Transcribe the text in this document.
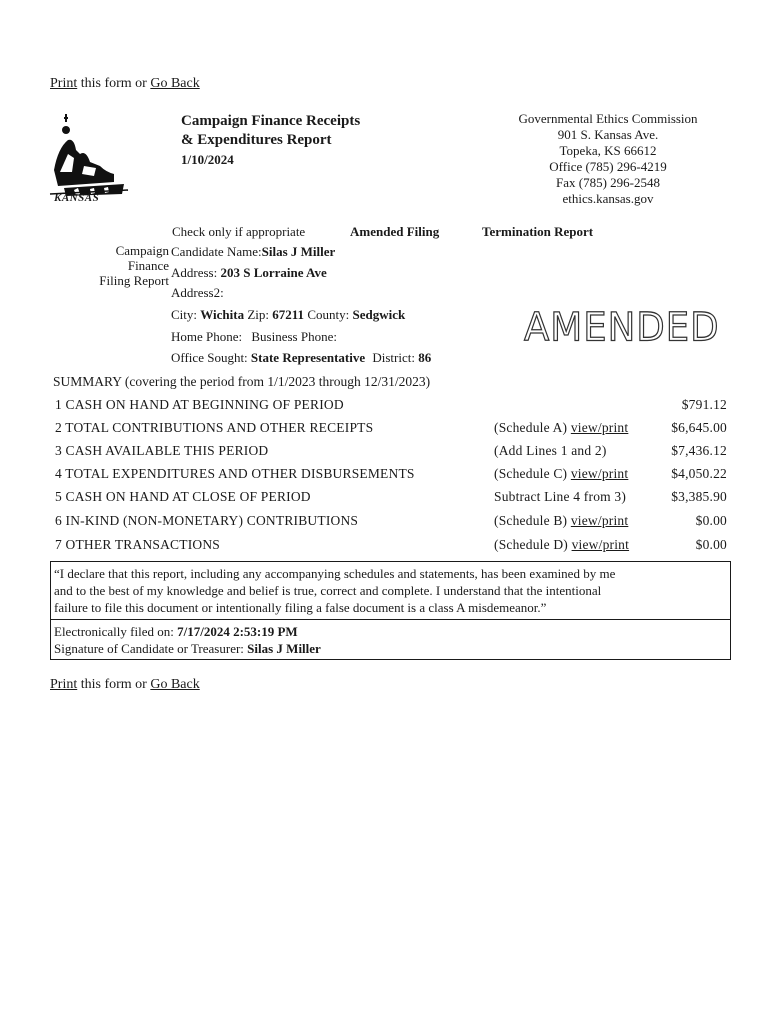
Print this form or Go Back
KANSAS
Campaign Finance Receipts
& Expenditures Report
1/10/2024
Governmental Ethics Commission
901 S. Kansas Ave.
Topeka, KS 66612
Office (785) 296-4219
Fax (785) 296-2548
ethics.kansas.gov
Check only if appropriate	Amended Filing	Termination Report
Campaign
Finance
Filing Report
Candidate Name:Silas J Miller
Address: 203 S Lorraine Ave
Address2:
City: Wichita Zip: 67211 County: Sedgwick
Home Phone: Business Phone:
Office Sought: State Representative District: 86
AMENDED
SUMMARY (covering the period from 1/1/2023 through 12/31/2023)
1 CASH ON HAND AT BEGINNING OF PERIOD	$791.12
2 TOTAL CONTRIBUTIONS AND OTHER RECEIPTS	(Schedule A) view/print	$6,645.00
3 CASH AVAILABLE THIS PERIOD	(Add Lines 1 and 2)	$7,436.12
4 TOTAL EXPENDITURES AND OTHER DISBURSEMENTS	(Schedule C) view/print	$4,050.22
5 CASH ON HAND AT CLOSE OF PERIOD	Subtract Line 4 from 3)	$3,385.90
6 IN-KIND (NON-MONETARY) CONTRIBUTIONS	(Schedule B) view/print	$0.00
7 OTHER TRANSACTIONS	(Schedule D) view/print	$0.00
“I declare that this report, including any accompanying schedules and statements, has been examined by me
and to the best of my knowledge and belief is true, correct and complete. I understand that the intentional
failure to file this document or intentionally filing a false document is a class A misdemeanor.”
Electronically filed on: 7/17/2024 2:53:19 PM
Signature of Candidate or Treasurer: Silas J Miller
Print this form or Go Back
